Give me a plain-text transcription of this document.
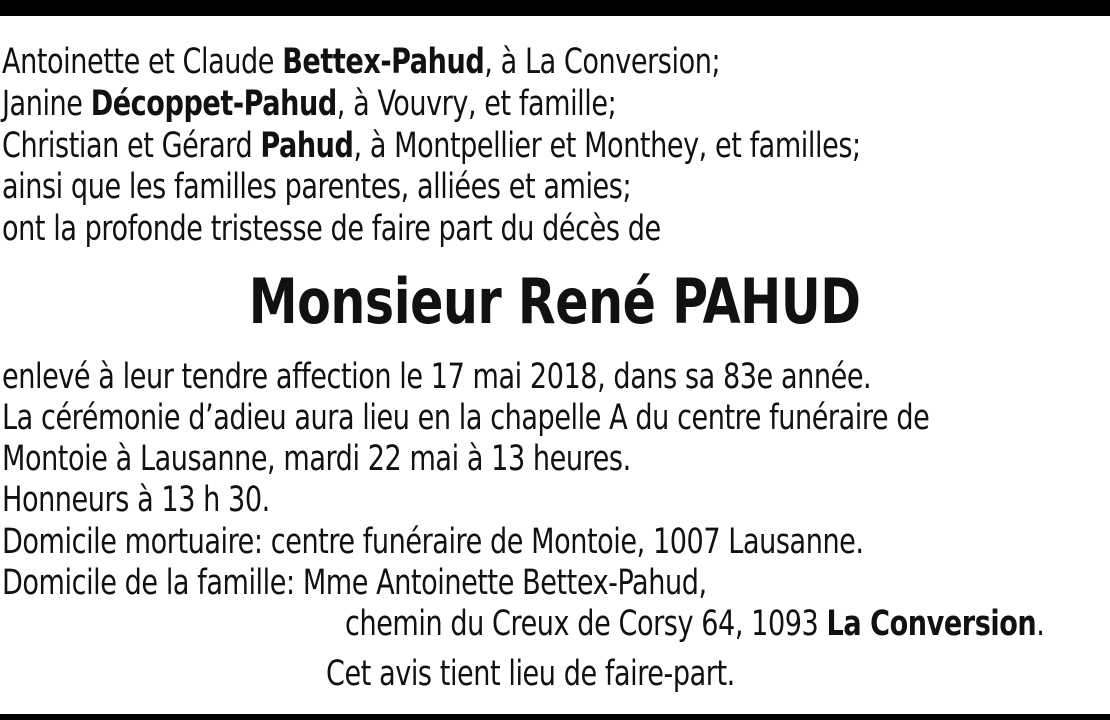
Antoinette et Claude Bettex-Pahud, à La Conversion;
Janine Décoppet-Pahud, à Vouvry, et famille;
Christian et Gérard Pahud, à Montpellier et Monthey, et familles;
ainsi que les familles parentes, alliées et amies;
ont la profonde tristesse de faire part du décès de
Monsieur René PAHUD
enlevé à leur tendre affection le 17 mai 2018, dans sa 83e année.
La cérémonie d’adieu aura lieu en la chapelle A du centre funéraire de
Montoie à Lausanne, mardi 22 mai à 13 heures.
Honneurs à 13 h 30.
Domicile mortuaire: centre funéraire de Montoie, 1007 Lausanne.
Domicile de la famille: Mme Antoinette Bettex-Pahud,
chemin du Creux de Corsy 64, 1093 La Conversion.
Cet avis tient lieu de faire-part.
